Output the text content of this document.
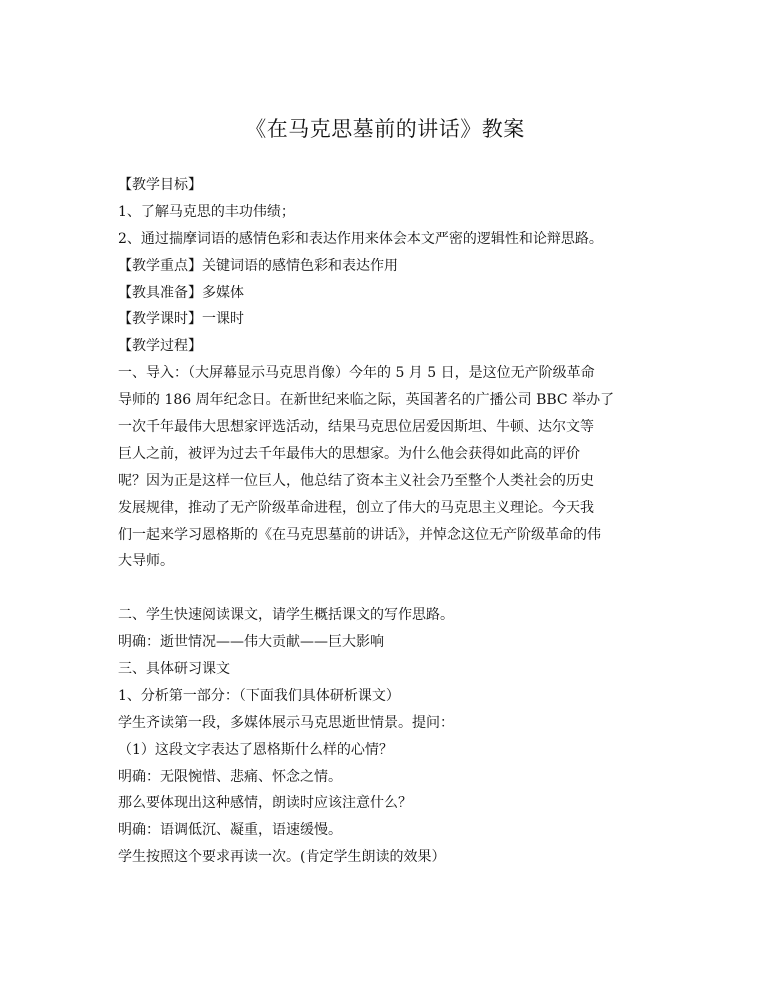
《在马克思墓前的讲话》教案

【教学目标】

1、了解马克思的丰功伟绩；

2、通过揣摩词语的感情色彩和表达作用来体会本文严密的逻辑性和论辩思路。

【教学重点】关键词语的感情色彩和表达作用

【教具准备】多媒体

【教学课时】一课时

【教学过程】

一、导入：（大屏幕显示马克思肖像）今年的 5 月 5 日，是这位无产阶级革命

导师的 186 周年纪念日。在新世纪来临之际，英国著名的广播公司 BBC 举办了

一次千年最伟大思想家评选活动，结果马克思位居爱因斯坦、牛顿、达尔文等

巨人之前，被评为过去千年最伟大的思想家。为什么他会获得如此高的评价

呢？因为正是这样一位巨人，他总结了资本主义社会乃至整个人类社会的历史

发展规律，推动了无产阶级革命进程，创立了伟大的马克思主义理论。今天我

们一起来学习恩格斯的《在马克思墓前的讲话》，并悼念这位无产阶级革命的伟

大导师。

二、学生快速阅读课文，请学生概括课文的写作思路。

明确：逝世情况——伟大贡献——巨大影响

三、具体研习课文

1、分析第一部分：（下面我们具体研析课文）

学生齐读第一段，多媒体展示马克思逝世情景。提问：

（1）这段文字表达了恩格斯什么样的心情？

明确：无限惋惜、悲痛、怀念之情。

那么要体现出这种感情，朗读时应该注意什么？

明确：语调低沉、凝重，语速缓慢。

学生按照这个要求再读一次。(肯定学生朗读的效果）
